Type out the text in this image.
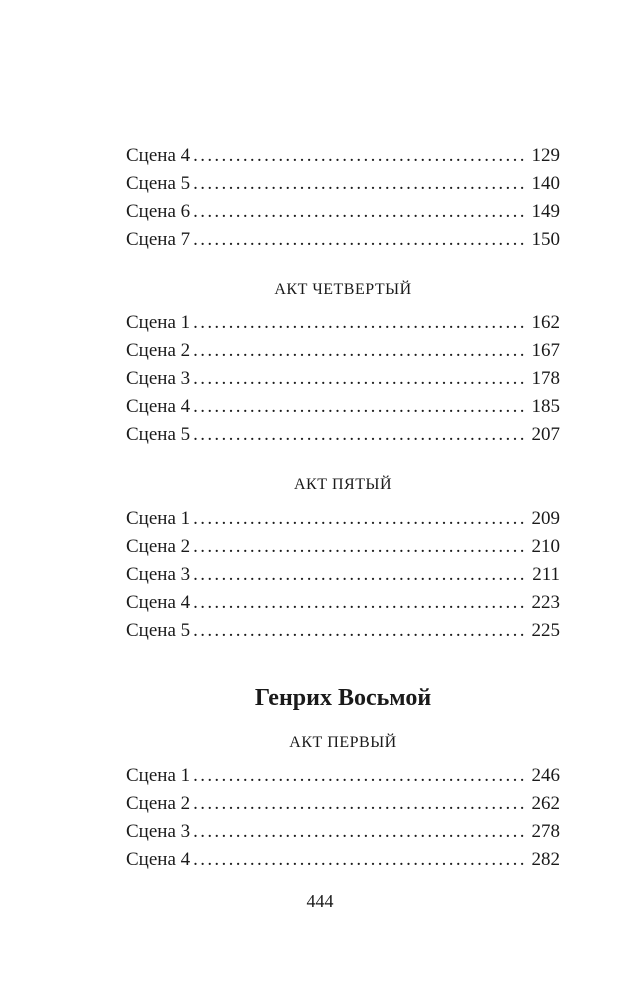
Сцена 4 . . .	129
Сцена 5 . . .	140
Сцена 6 . . .	149
Сцена 7 . . .	150
АКТ ЧЕТВЕРТЫЙ
Сцена 1 . . .	162
Сцена 2 . . .	167
Сцена 3 . . .	178
Сцена 4 . . .	185
Сцена 5 . . .	207
АКТ ПЯТЫЙ
Сцена 1 . . .	209
Сцена 2 . . .	210
Сцена 3 . . .	211
Сцена 4 . . .	223
Сцена 5 . . .	225
Генрих Восьмой
АКТ ПЕРВЫЙ
Сцена 1 . . .	246
Сцена 2 . . .	262
Сцена 3 . . .	278
Сцена 4 . . .	282
444
